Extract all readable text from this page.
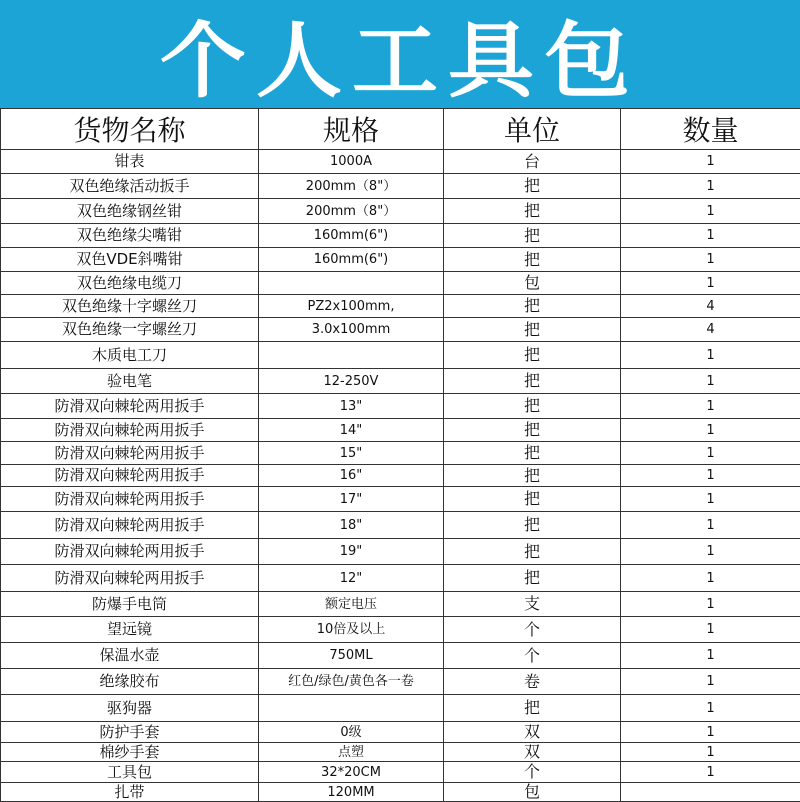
个人工具包
货物名称	规格	单位	数量
钳表	1000A	台	1
双色绝缘活动扳手	200mm（8"）	把	1
双色绝缘钢丝钳	200mm（8"）	把	1
双色绝缘尖嘴钳	160mm(6")	把	1
双色VDE斜嘴钳	160mm(6")	把	1
双色绝缘电缆刀		包	1
双色绝缘十字螺丝刀	PZ2x100mm,	把	4
双色绝缘一字螺丝刀	3.0x100mm	把	4
木质电工刀		把	1
验电笔	12-250V	把	1
防滑双向棘轮两用扳手	13"	把	1
防滑双向棘轮两用扳手	14"	把	1
防滑双向棘轮两用扳手	15"	把	1
防滑双向棘轮两用扳手	16"	把	1
防滑双向棘轮两用扳手	17"	把	1
防滑双向棘轮两用扳手	18"	把	1
防滑双向棘轮两用扳手	19"	把	1
防滑双向棘轮两用扳手	12"	把	1
防爆手电筒	额定电压	支	1
望远镜	10倍及以上	个	1
保温水壶	750ML	个	1
绝缘胶布	红色/绿色/黄色各一卷	卷	1
驱狗器		把	1
防护手套	0级	双	1
棉纱手套	点塑	双	1
工具包	32*20CM	个	1
扎带	120MM	包	
